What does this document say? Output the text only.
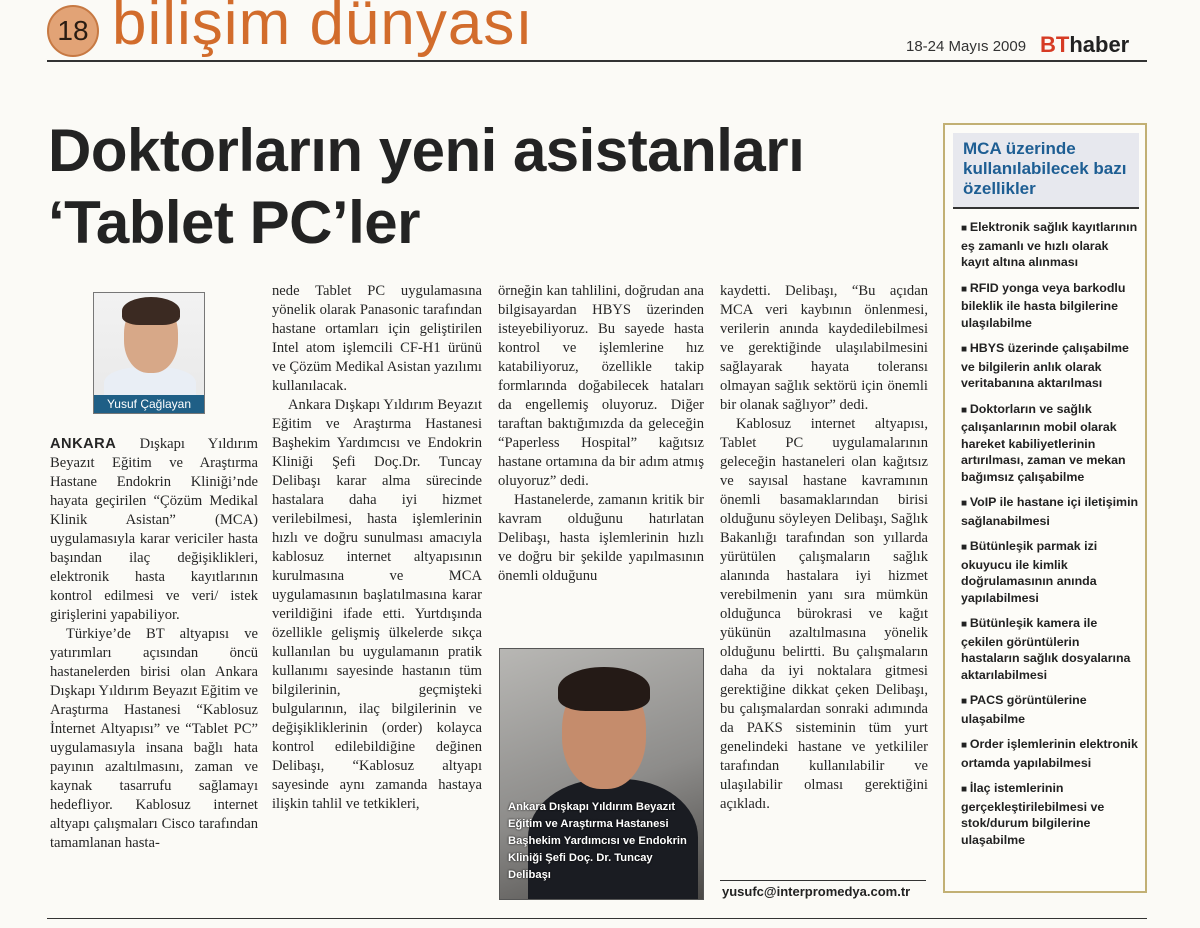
18 bilişim dünyası	18-24 Mayıs 2009 BThaber
Doktorların yeni asistanları
‘Tablet PC’ler
Yusuf Çağlayan

ANKARA Dışkapı Yıldırım Beyazıt Eğitim ve Araştırma Hastane Endokrin Kliniği’nde hayata geçirilen “Çözüm Medikal Klinik Asistan” (MCA) uygulamasıyla karar vericiler hasta başından ilaç değişiklikleri, elektronik hasta kayıtlarının kontrol edilmesi ve veri/ istek girişlerini yapabiliyor.

Türkiye’de BT altyapısı ve yatırımları açısından öncü hastanelerden birisi olan Ankara Dışkapı Yıldırım Beyazıt Eğitim ve Araştırma Hastanesi “Kablosuz İnternet Altyapısı” ve “Tablet PC” uygulamasıyla insana bağlı hata payının azaltılmasını, zaman ve kaynak tasarrufu sağlamayı hedefliyor. Kablosuz internet altyapı çalışmaları Cisco tarafından tamamlanan hasta-

nede Tablet PC uygulamasına yönelik olarak Panasonic tarafından hastane ortamları için geliştirilen Intel atom işlemcili CF-H1 ürünü ve Çözüm Medikal Asistan yazılımı kullanılacak.

Ankara Dışkapı Yıldırım Beyazıt Eğitim ve Araştırma Hastanesi Başhekim Yardımcısı ve Endokrin Kliniği Şefi Doç.Dr. Tuncay Delibaşı karar alma sürecinde hastalara daha iyi hizmet verilebilmesi, hasta işlemlerinin hızlı ve doğru sunulması amacıyla kablosuz internet altyapısının kurulmasına ve MCA uygulamasının başlatılmasına karar verildiğini ifade etti. Yurtdışında özellikle gelişmiş ülkelerde sıkça kullanılan bu uygulamanın pratik kullanımı sayesinde hastanın tüm bilgilerinin, geçmişteki bulgularının, ilaç bilgilerinin ve değişikliklerinin (order) kolayca kontrol edilebildiğine değinen Delibaşı, “Kablosuz altyapı sayesinde aynı zamanda hastaya ilişkin tahlil ve tetkikleri,

örneğin kan tahlilini, doğrudan ana bilgisayardan HBYS üzerinden isteyebiliyoruz. Bu sayede hasta kontrol ve işlemlerine hız katabiliyoruz, özellikle takip formlarında doğabilecek hataları da engellemiş oluyoruz. Diğer taraftan baktığımızda da geleceğin “Paperless Hospital” kağıtsız hastane ortamına da bir adım atmış oluyoruz” dedi.

Hastanelerde, zamanın kritik bir kavram olduğunu hatırlatan Delibaşı, hasta işlemlerinin hızlı ve doğru bir şekilde yapılmasının önemli olduğunu

Ankara Dışkapı Yıldırım Beyazıt Eğitim ve Araştırma Hastanesi Başhekim Yardımcısı ve Endokrin Kliniği Şefi Doç. Dr. Tuncay Delibaşı

kaydetti. Delibaşı, “Bu açıdan MCA veri kaybının önlenmesi, verilerin anında kaydedilebilmesi ve gerektiğinde ulaşılabilmesini sağlayarak hayata toleransı olmayan sağlık sektörü için önemli bir olanak sağlıyor” dedi.

Kablosuz internet altyapısı, Tablet PC uygulamalarının geleceğin hastaneleri olan kağıtsız ve sayısal hastane kavramının önemli basamaklarından birisi olduğunu söyleyen Delibaşı, Sağlık Bakanlığı tarafından son yıllarda yürütülen çalışmaların sağlık alanında hastalara iyi hizmet verebilmenin yanı sıra mümkün olduğunca bürokrasi ve kağıt yükünün azaltılmasına yönelik olduğunu belirtti. Bu çalışmaların daha da iyi noktalara gitmesi gerektiğine dikkat çeken Delibaşı, bu çalışmalardan sonraki adımında da PAKS sisteminin tüm yurt genelindeki hastane ve yetkililer tarafından kullanılabilir ve ulaşılabilir olması gerektiğini açıkladı.

yusufc@interpromedya.com.tr
MCA üzerinde kullanılabilecek bazı özellikler
■ Elektronik sağlık kayıtlarının eş zamanlı ve hızlı olarak kayıt altına alınması
■ RFID yonga veya barkodlu bileklik ile hasta bilgilerine ulaşılabilme
■ HBYS üzerinde çalışabilme ve bilgilerin anlık olarak veritabanına aktarılması
■ Doktorların ve sağlık çalışanlarının mobil olarak hareket kabiliyetlerinin artırılması, zaman ve mekan bağımsız çalışabilme
■ VoIP ile hastane içi iletişimin sağlanabilmesi
■ Bütünleşik parmak izi okuyucu ile kimlik doğrulamasının anında yapılabilmesi
■ Bütünleşik kamera ile çekilen görüntülerin hastaların sağlık dosyalarına aktarılabilmesi
■ PACS görüntülerine ulaşabilme
■ Order işlemlerinin elektronik ortamda yapılabilmesi
■ İlaç istemlerinin gerçekleştirilebilmesi ve stok/durum bilgilerine ulaşabilme
